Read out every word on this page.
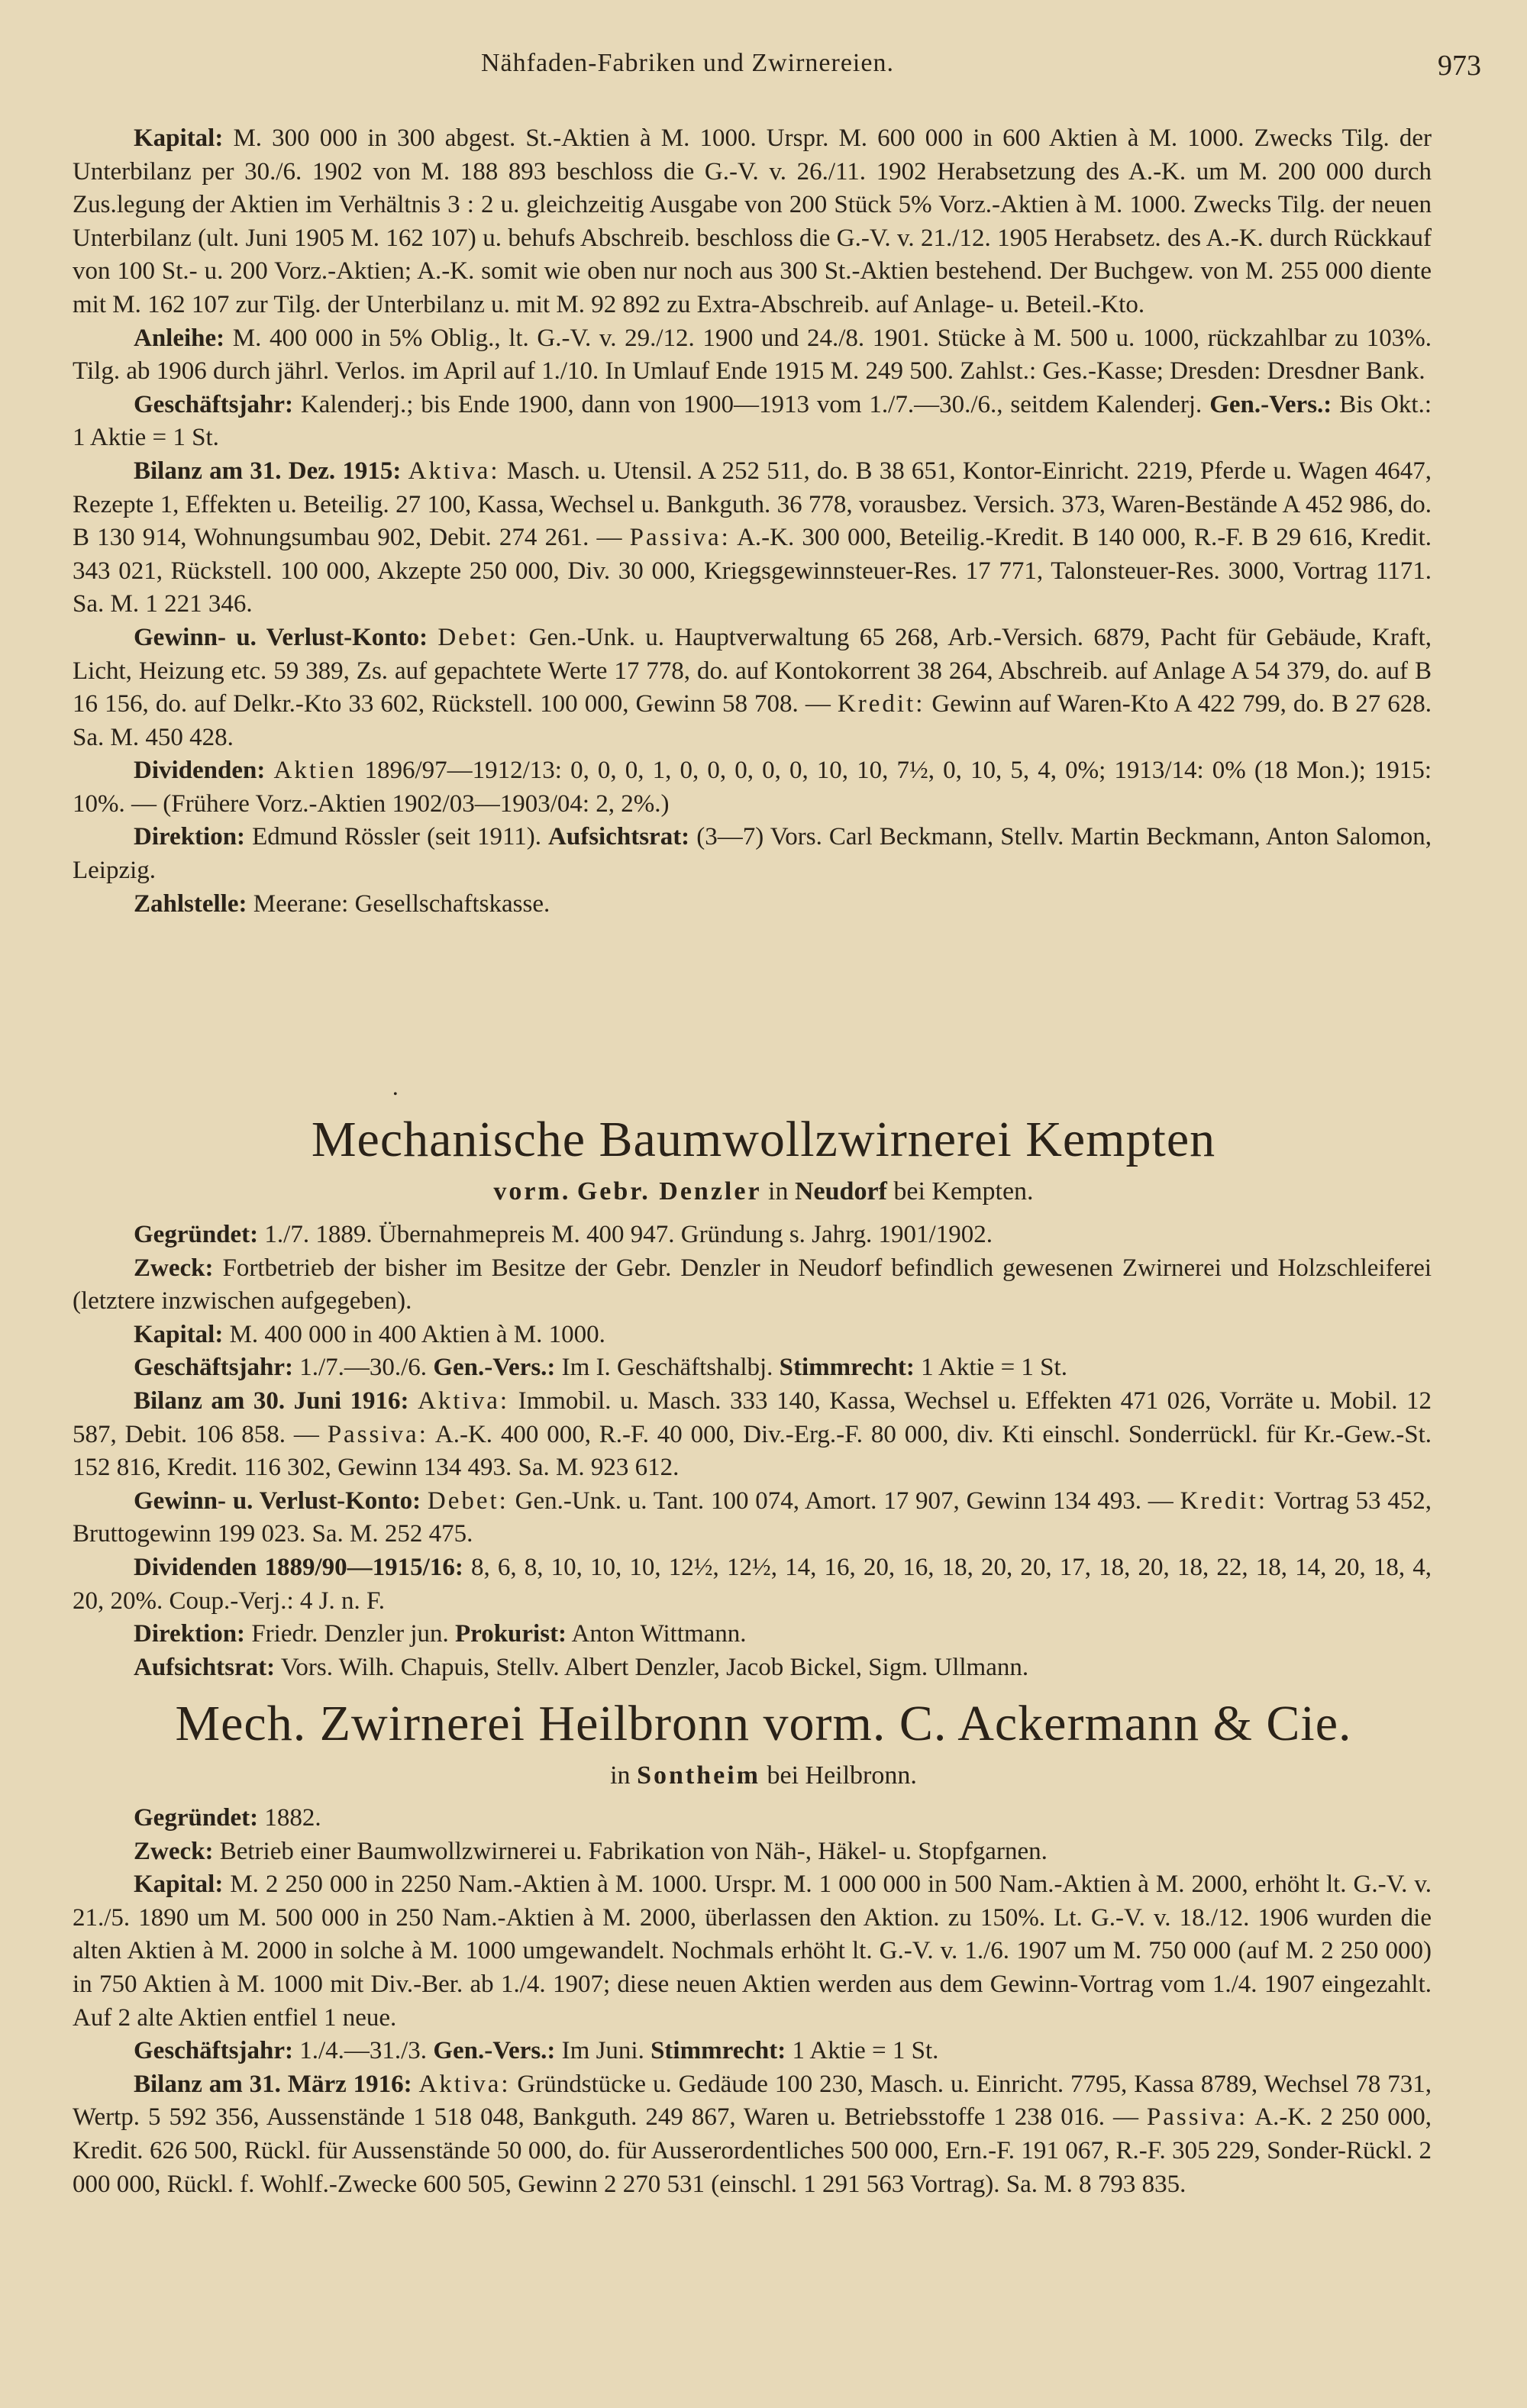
Nähfaden-Fabriken und Zwirnereien.	973

Kapital: M. 300 000 in 300 abgest. St.-Aktien à M. 1000. Urspr. M. 600 000 in 600 Aktien à M. 1000. Zwecks Tilg. der Unterbilanz per 30./6. 1902 von M. 188 893 beschloss die G.-V. v. 26./11. 1902 Herabsetzung des A.-K. um M. 200 000 durch Zus.legung der Aktien im Verhältnis 3 : 2 u. gleichzeitig Ausgabe von 200 Stück 5% Vorz.-Aktien à M. 1000. Zwecks Tilg. der neuen Unterbilanz (ult. Juni 1905 M. 162 107) u. behufs Abschreib. beschloss die G.-V. v. 21./12. 1905 Herabsetz. des A.-K. durch Rückkauf von 100 St.- u. 200 Vorz.-Aktien; A.-K. somit wie oben nur noch aus 300 St.-Aktien bestehend. Der Buchgew. von M. 255 000 diente mit M. 162 107 zur Tilg. der Unterbilanz u. mit M. 92 892 zu Extra-Abschreib. auf Anlage- u. Beteil.-Kto.

Anleihe: M. 400 000 in 5% Oblig., lt. G.-V. v. 29./12. 1900 und 24./8. 1901. Stücke à M. 500 u. 1000, rückzahlbar zu 103%. Tilg. ab 1906 durch jährl. Verlos. im April auf 1./10. In Umlauf Ende 1915 M. 249 500. Zahlst.: Ges.-Kasse; Dresden: Dresdner Bank.

Geschäftsjahr: Kalenderj.; bis Ende 1900, dann von 1900—1913 vom 1./7.—30./6., seitdem Kalenderj. Gen.-Vers.: Bis Okt.: 1 Aktie = 1 St.

Bilanz am 31. Dez. 1915: Aktiva: Masch. u. Utensil. A 252 511, do. B 38 651, Kontor-Einricht. 2219, Pferde u. Wagen 4647, Rezepte 1, Effekten u. Beteilig. 27 100, Kassa, Wechsel u. Bankguth. 36 778, vorausbez. Versich. 373, Waren-Bestände A 452 986, do. B 130 914, Wohnungsumbau 902, Debit. 274 261. — Passiva: A.-K. 300 000, Beteilig.-Kredit. B 140 000, R.-F. B 29 616, Kredit. 343 021, Rückstell. 100 000, Akzepte 250 000, Div. 30 000, Kriegsgewinnsteuer-Res. 17 771, Talonsteuer-Res. 3000, Vortrag 1171. Sa. M. 1 221 346.

Gewinn- u. Verlust-Konto: Debet: Gen.-Unk. u. Hauptverwaltung 65 268, Arb.-Versich. 6879, Pacht für Gebäude, Kraft, Licht, Heizung etc. 59 389, Zs. auf gepachtete Werte 17 778, do. auf Kontokorrent 38 264, Abschreib. auf Anlage A 54 379, do. auf B 16 156, do. auf Delkr.-Kto 33 602, Rückstell. 100 000, Gewinn 58 708. — Kredit: Gewinn auf Waren-Kto A 422 799, do. B 27 628. Sa. M. 450 428.

Dividenden: Aktien 1896/97—1912/13: 0, 0, 0, 1, 0, 0, 0, 0, 0, 10, 10, 7½, 0, 10, 5, 4, 0%; 1913/14: 0% (18 Mon.); 1915: 10%. — (Frühere Vorz.-Aktien 1902/03—1903/04: 2, 2%.)

Direktion: Edmund Rössler (seit 1911). Aufsichtsrat: (3—7) Vors. Carl Beckmann, Stellv. Martin Beckmann, Anton Salomon, Leipzig.

Zahlstelle: Meerane: Gesellschaftskasse.

•
Mechanische Baumwollzwirnerei Kempten
vorm. Gebr. Denzler in Neudorf bei Kempten.

Gegründet: 1./7. 1889. Übernahmepreis M. 400 947. Gründung s. Jahrg. 1901/1902.

Zweck: Fortbetrieb der bisher im Besitze der Gebr. Denzler in Neudorf befindlich gewesenen Zwirnerei und Holzschleiferei (letztere inzwischen aufgegeben).

Kapital: M. 400 000 in 400 Aktien à M. 1000.

Geschäftsjahr: 1./7.—30./6. Gen.-Vers.: Im I. Geschäftshalbj. Stimmrecht: 1 Aktie = 1 St.

Bilanz am 30. Juni 1916: Aktiva: Immobil. u. Masch. 333 140, Kassa, Wechsel u. Effekten 471 026, Vorräte u. Mobil. 12 587, Debit. 106 858. — Passiva: A.-K. 400 000, R.-F. 40 000, Div.-Erg.-F. 80 000, div. Kti einschl. Sonderrückl. für Kr.-Gew.-St. 152 816, Kredit. 116 302, Gewinn 134 493. Sa. M. 923 612.

Gewinn- u. Verlust-Konto: Debet: Gen.-Unk. u. Tant. 100 074, Amort. 17 907, Gewinn 134 493. — Kredit: Vortrag 53 452, Bruttogewinn 199 023. Sa. M. 252 475.

Dividenden 1889/90—1915/16: 8, 6, 8, 10, 10, 10, 12½, 12½, 14, 16, 20, 16, 18, 20, 20, 17, 18, 20, 18, 22, 18, 14, 20, 18, 4, 20, 20%. Coup.-Verj.: 4 J. n. F.

Direktion: Friedr. Denzler jun. Prokurist: Anton Wittmann.

Aufsichtsrat: Vors. Wilh. Chapuis, Stellv. Albert Denzler, Jacob Bickel, Sigm. Ullmann.

Mech. Zwirnerei Heilbronn vorm. C. Ackermann & Cie.
in Sontheim bei Heilbronn.

Gegründet: 1882.

Zweck: Betrieb einer Baumwollzwirnerei u. Fabrikation von Näh-, Häkel- u. Stopfgarnen.

Kapital: M. 2 250 000 in 2250 Nam.-Aktien à M. 1000. Urspr. M. 1 000 000 in 500 Nam.-Aktien à M. 2000, erhöht lt. G.-V. v. 21./5. 1890 um M. 500 000 in 250 Nam.-Aktien à M. 2000, überlassen den Aktion. zu 150%. Lt. G.-V. v. 18./12. 1906 wurden die alten Aktien à M. 2000 in solche à M. 1000 umgewandelt. Nochmals erhöht lt. G.-V. v. 1./6. 1907 um M. 750 000 (auf M. 2 250 000) in 750 Aktien à M. 1000 mit Div.-Ber. ab 1./4. 1907; diese neuen Aktien werden aus dem Gewinn-Vortrag vom 1./4. 1907 eingezahlt. Auf 2 alte Aktien entfiel 1 neue.

Geschäftsjahr: 1./4.—31./3. Gen.-Vers.: Im Juni. Stimmrecht: 1 Aktie = 1 St.

Bilanz am 31. März 1916: Aktiva: Gründstücke u. Gedäude 100 230, Masch. u. Einricht. 7795, Kassa 8789, Wechsel 78 731, Wertp. 5 592 356, Aussenstände 1 518 048, Bankguth. 249 867, Waren u. Betriebsstoffe 1 238 016. — Passiva: A.-K. 2 250 000, Kredit. 626 500, Rückl. für Aussenstände 50 000, do. für Ausserordentliches 500 000, Ern.-F. 191 067, R.-F. 305 229, Sonder-Rückl. 2 000 000, Rückl. f. Wohlf.-Zwecke 600 505, Gewinn 2 270 531 (einschl. 1 291 563 Vortrag). Sa. M. 8 793 835.
